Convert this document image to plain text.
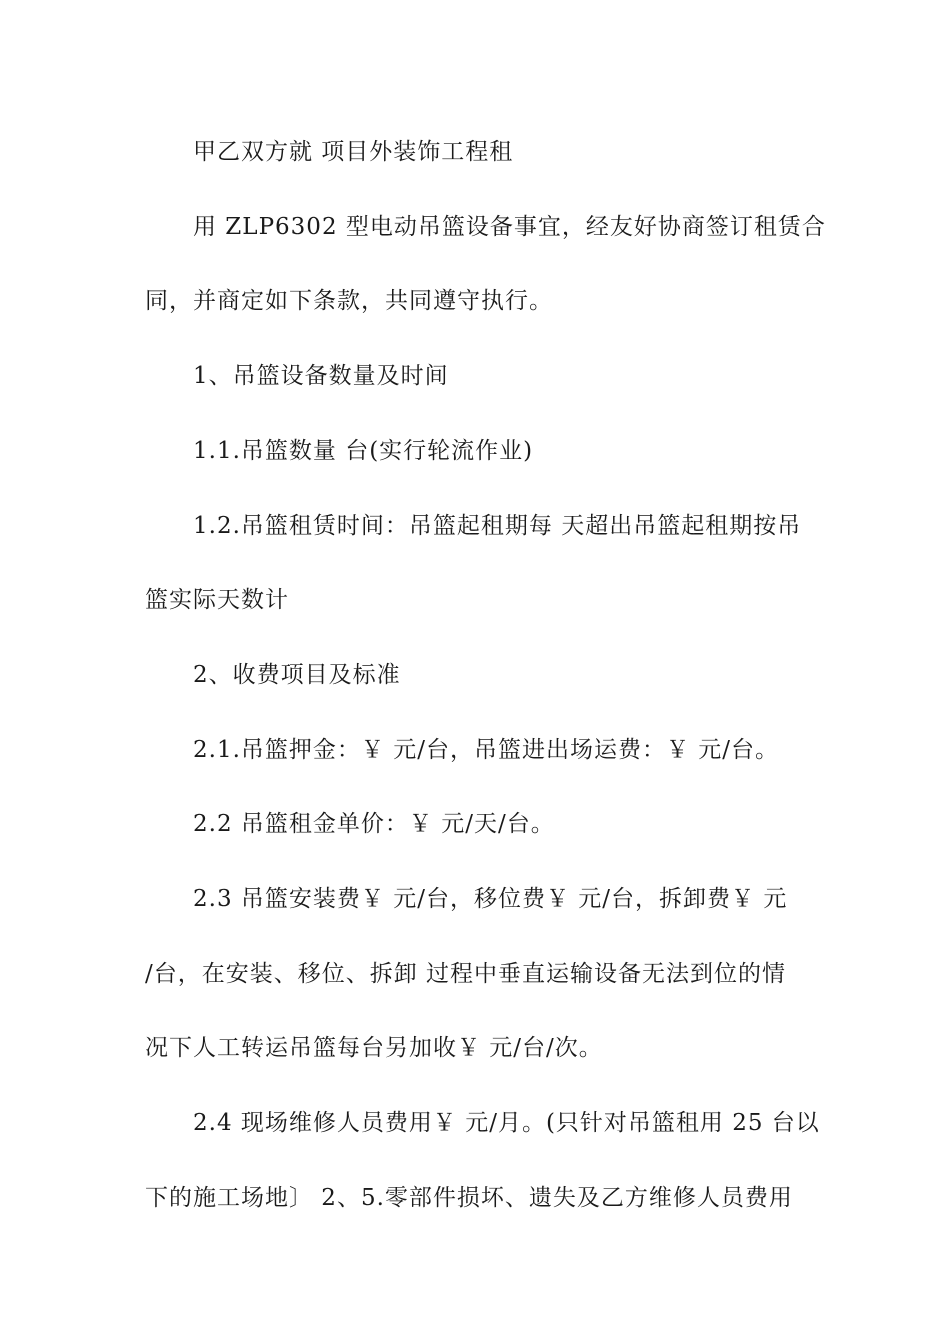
甲乙双方就 项目外装饰工程租
用 ZLP6302 型电动吊篮设备事宜，经友好协商签订租赁合
同，并商定如下条款，共同遵守执行。
1、吊篮设备数量及时间
1.1.吊篮数量 台(实行轮流作业)
1.2.吊篮租赁时间：吊篮起租期每 天超出吊篮起租期按吊
篮实际天数计
2、收费项目及标准
2.1.吊篮押金：￥ 元/台，吊篮进出场运费：￥ 元/台。
2.2 吊篮租金单价：￥ 元/天/台。
2.3 吊篮安装费￥ 元/台，移位费￥ 元/台，拆卸费￥ 元
/台，在安装、移位、拆卸 过程中垂直运输设备无法到位的情
况下人工转运吊篮每台另加收￥ 元/台/次。
2.4 现场维修人员费用￥ 元/月。(只针对吊篮租用 25 台以
下的施工场地〕 2、5.零部件损坏、遗失及乙方维修人员费用
